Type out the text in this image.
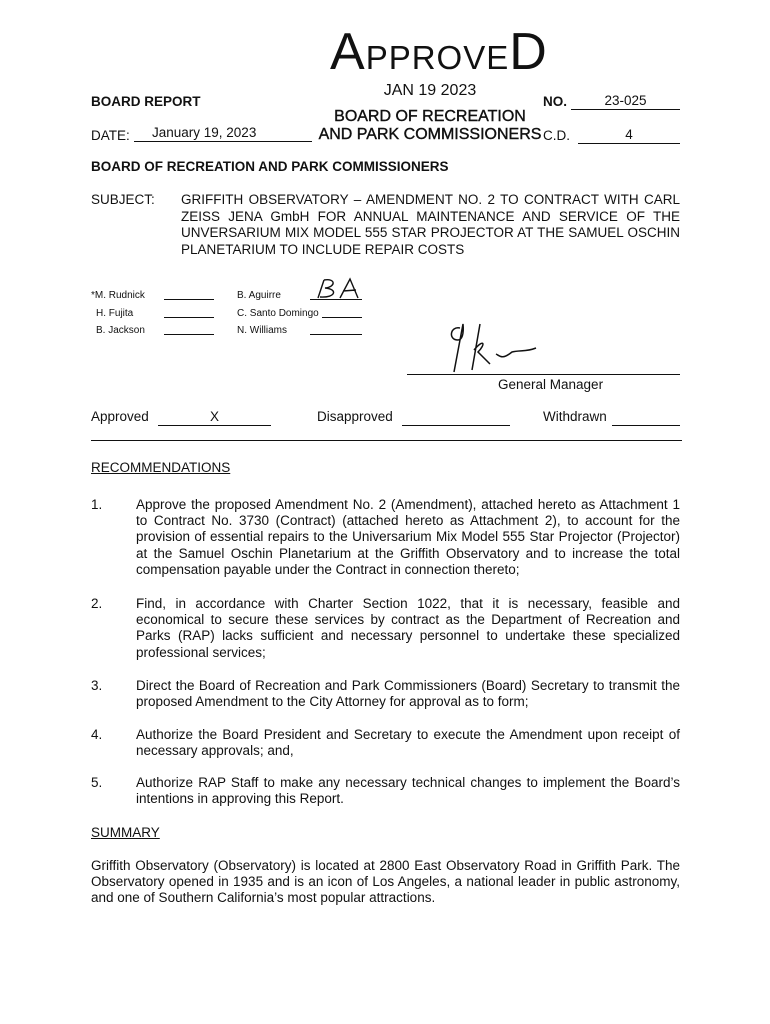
APPROVED
JAN 19 2023
BOARD OF RECREATION
AND PARK COMMISSIONERS
BOARD REPORT	NO.	23-025
DATE:	January 19, 2023	C.D.	4
BOARD OF RECREATION AND PARK COMMISSIONERS
SUBJECT: GRIFFITH OBSERVATORY – AMENDMENT NO. 2 TO CONTRACT WITH CARL ZEISS JENA GmbH FOR ANNUAL MAINTENANCE AND SERVICE OF THE UNVERSARIUM MIX MODEL 555 STAR PROJECTOR AT THE SAMUEL OSCHIN PLANETARIUM TO INCLUDE REPAIR COSTS
*M. Rudnick
H. Fujita
B. Jackson
B. Aguirre
C. Santo Domingo
N. Williams
General Manager
Approved	X	Disapproved	Withdrawn
RECOMMENDATIONS
1. Approve the proposed Amendment No. 2 (Amendment), attached hereto as Attachment 1 to Contract No. 3730 (Contract) (attached hereto as Attachment 2), to account for the provision of essential repairs to the Universarium Mix Model 555 Star Projector (Projector) at the Samuel Oschin Planetarium at the Griffith Observatory and to increase the total compensation payable under the Contract in connection thereto;
2. Find, in accordance with Charter Section 1022, that it is necessary, feasible and economical to secure these services by contract as the Department of Recreation and Parks (RAP) lacks sufficient and necessary personnel to undertake these specialized professional services;
3. Direct the Board of Recreation and Park Commissioners (Board) Secretary to transmit the proposed Amendment to the City Attorney for approval as to form;
4. Authorize the Board President and Secretary to execute the Amendment upon receipt of necessary approvals; and,
5. Authorize RAP Staff to make any necessary technical changes to implement the Board’s intentions in approving this Report.
SUMMARY
Griffith Observatory (Observatory) is located at 2800 East Observatory Road in Griffith Park. The Observatory opened in 1935 and is an icon of Los Angeles, a national leader in public astronomy, and one of Southern California’s most popular attractions.
